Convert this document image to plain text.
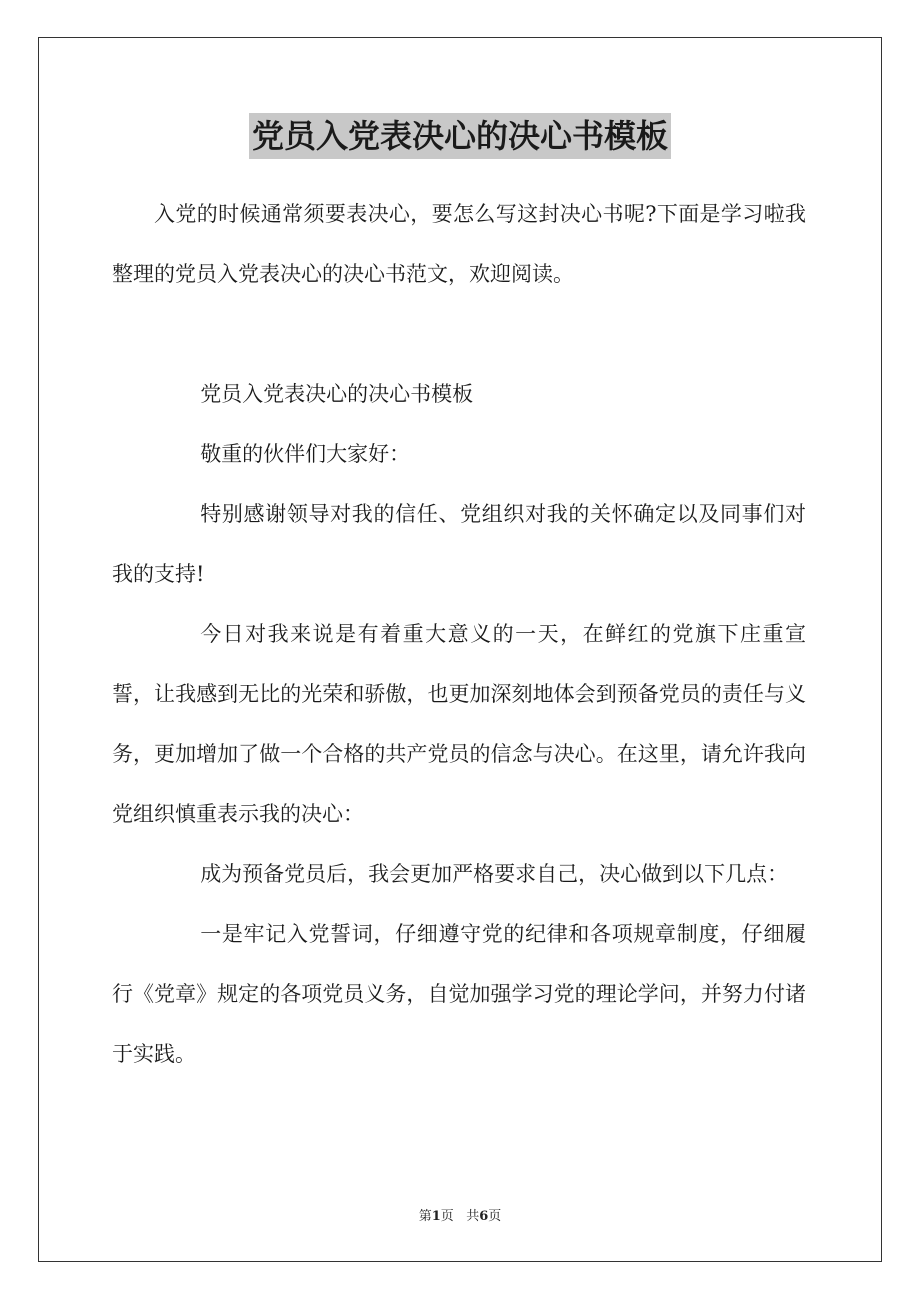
党员入党表决心的决心书模板

入党的时候通常须要表决心，要怎么写这封决心书呢?下面是学习啦我整理的党员入党表决心的决心书范文，欢迎阅读。

党员入党表决心的决心书模板

敬重的伙伴们大家好：

特别感谢领导对我的信任、党组织对我的关怀确定以及同事们对我的支持!

今日对我来说是有着重大意义的一天，在鲜红的党旗下庄重宣誓，让我感到无比的光荣和骄傲，也更加深刻地体会到预备党员的责任与义务，更加增加了做一个合格的共产党员的信念与决心。在这里，请允许我向党组织慎重表示我的决心：

成为预备党员后，我会更加严格要求自己，决心做到以下几点：

一是牢记入党誓词，仔细遵守党的纪律和各项规章制度，仔细履行《党章》规定的各项党员义务，自觉加强学习党的理论学问，并努力付诸于实践。

第1页   共6页
